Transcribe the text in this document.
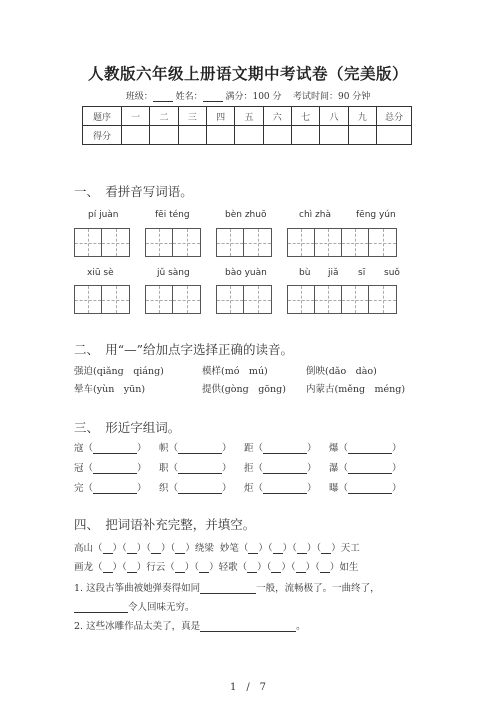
人教版六年级上册语文期中考试卷（完美版）
班级：	姓名：	满分：100 分 考试时间：90 分钟
题序	一	二	三	四	五	六	七	八	九	总分
得分										
一、　看拼音写词语。
pí juàn	fēi téng	bèn zhuō	chì zhà	fēng yún
xiū sè	jǔ sàng	bào yuàn	bù jiǎ sī suǒ
二、　用“—”给加点字选择正确的读音。
强迫(qiǎng　qiáng)	模样(mó　mú)	倒映(dǎo　dào)
晕车(yùn　yūn)	提供(gòng　gōng) 内蒙古(měng　méng)
三、　形近字组词。
寇（	） 帜（	） 距（	） 爆（	）
冠（	） 职（	） 拒（	） 瀑（	）
完（	） 织（	） 炬（	） 曝（	）
四、　把词语补充完整，并填空。
高山（ ）（ ）（ ）（ ）绕梁 妙笔（ ）（ ）（ ）（ ）天工
画龙（ ）（ ）行云（ ）（ ）轻歌（ ）（ ）（ ）（ ）如生
1. 这段古筝曲被她弹奏得如同	一般，流畅极了。一曲终了，
令人回味无穷。
2. 这些冰雕作品太美了，真是	。
1　/　7
